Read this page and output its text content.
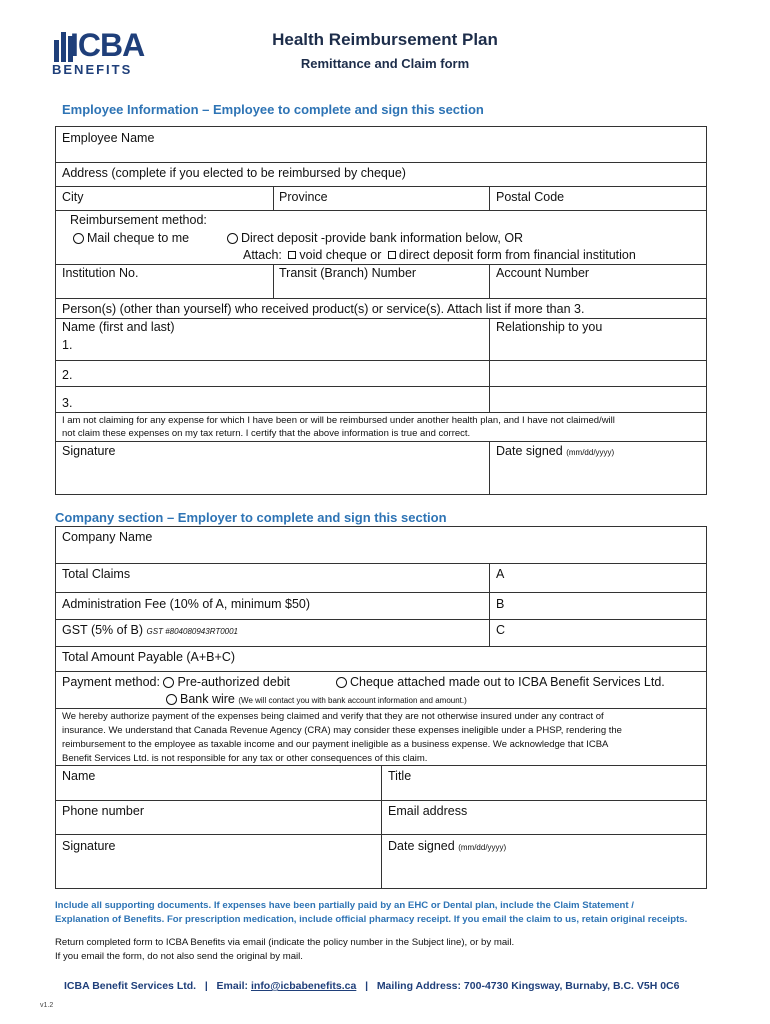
ICBA
BENEFITS
Health Reimbursement Plan
Remittance and Claim form
Employee Information – Employee to complete and sign this section
Employee Name
Address (complete if you elected to be reimbursed by cheque)
City	Province	Postal Code
Reimbursement method:
Mail cheque to me	Direct deposit -provide bank information below, OR
Attach: void cheque or direct deposit form from financial institution
Institution No.	Transit (Branch) Number	Account Number
Person(s) (other than yourself) who received product(s) or service(s). Attach list if more than 3.
Name (first and last)	Relationship to you
1.
2.
3.
I am not claiming for any expense for which I have been or will be reimbursed under another health plan, and I have not claimed/will
not claim these expenses on my tax return. I certify that the above information is true and correct.
Signature	Date signed (mm/dd/yyyy)
Company section – Employer to complete and sign this section
Company Name
Total Claims	A
Administration Fee (10% of A, minimum $50)	B
GST (5% of B) GST #804080943RT0001	C
Total Amount Payable (A+B+C)
Payment method: Pre-authorized debit	Cheque attached made out to ICBA Benefit Services Ltd.
Bank wire (We will contact you with bank account information and amount.)
We hereby authorize payment of the expenses being claimed and verify that they are not otherwise insured under any contract of
insurance. We understand that Canada Revenue Agency (CRA) may consider these expenses ineligible under a PHSP, rendering the
reimbursement to the employee as taxable income and our payment ineligible as a business expense. We acknowledge that ICBA
Benefit Services Ltd. is not responsible for any tax or other consequences of this claim.
Name	Title
Phone number	Email address
Signature	Date signed (mm/dd/yyyy)
Include all supporting documents. If expenses have been partially paid by an EHC or Dental plan, include the Claim Statement /
Explanation of Benefits. For prescription medication, include official pharmacy receipt. If you email the claim to us, retain original receipts.
Return completed form to ICBA Benefits via email (indicate the policy number in the Subject line), or by mail.
If you email the form, do not also send the original by mail.
ICBA Benefit Services Ltd. | Email: info@icbabenefits.ca | Mailing Address: 700-4730 Kingsway, Burnaby, B.C. V5H 0C6
v1.2
